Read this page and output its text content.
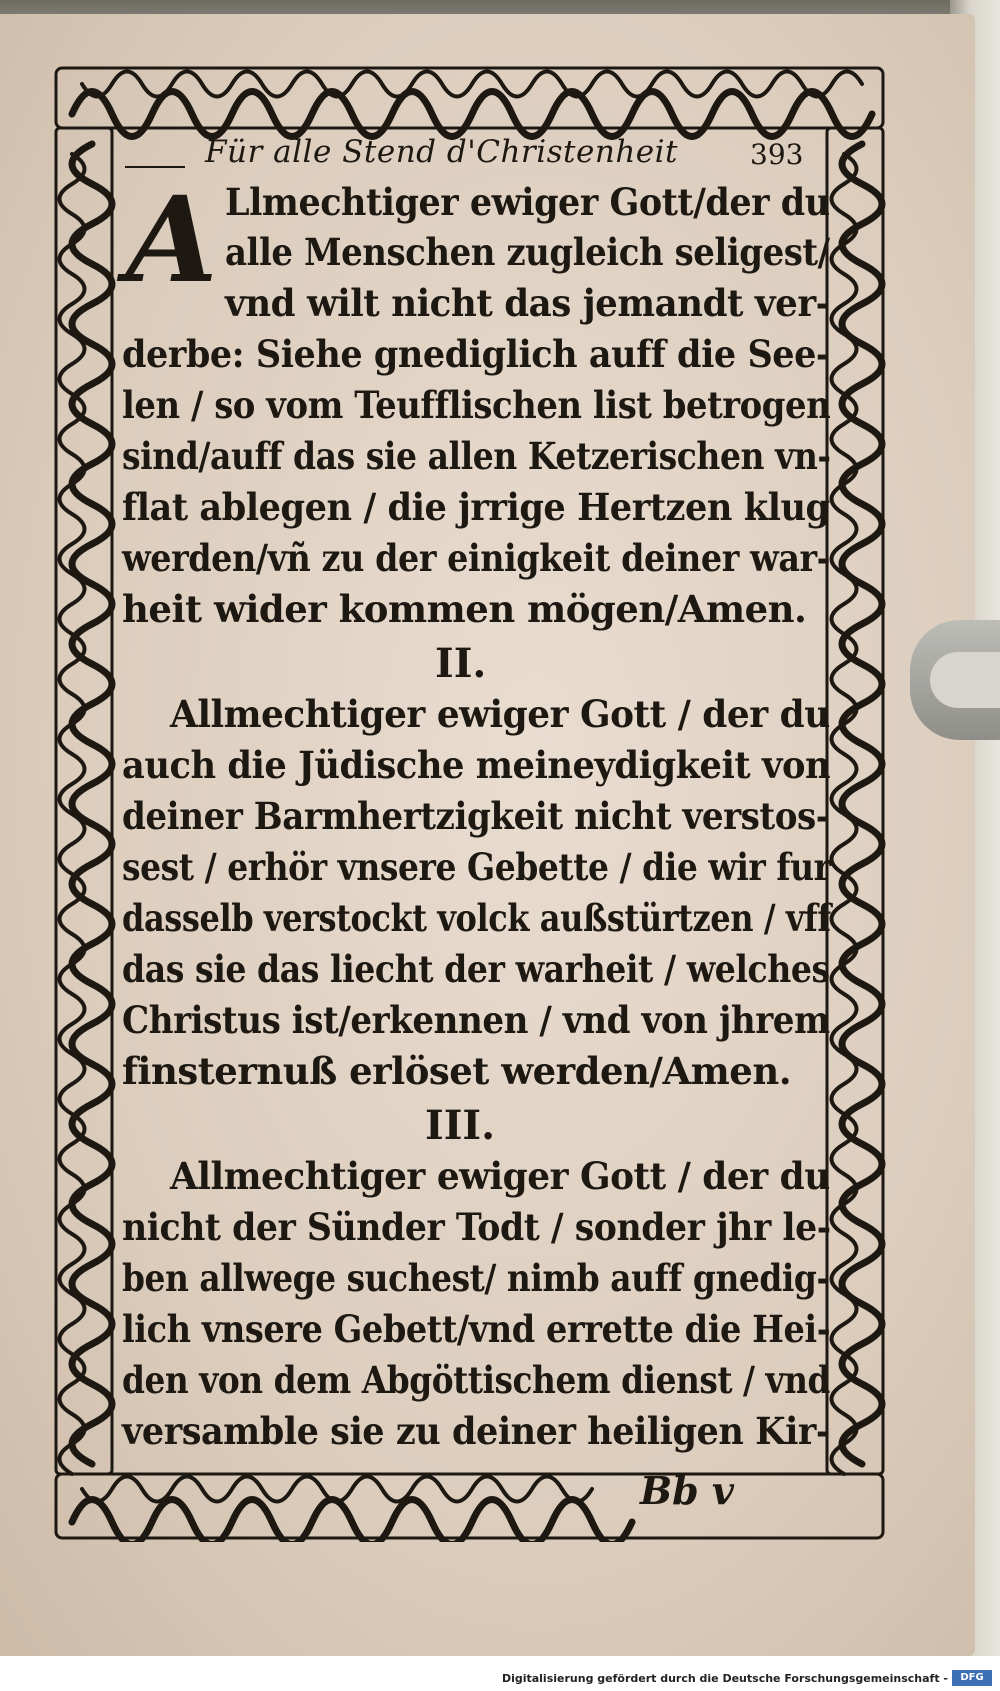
Für alle Stend d'Christenheit	393
A Llmechtiger ewiger Gott/der du
alle Menschen zugleich seligest/
vnd wilt nicht das jemandt ver-
derbe: Siehe gnediglich auff die See-
len / so vom Teufflischen list betrogen
sind/auff das sie allen Ketzerischen vn-
flat ablegen / die jrrige Hertzen klug
werden/vñ zu der einigkeit deiner war-
heit wider kommen mögen/Amen.
II.
Allmechtiger ewiger Gott / der du
auch die Jüdische meineydigkeit von
deiner Barmhertzigkeit nicht verstos-
sest / erhör vnsere Gebette / die wir fur
dasselb verstockt volck außstürtzen / vff
das sie das liecht der warheit / welches
Christus ist/erkennen / vnd von jhrem
finsternuß erlöset werden/Amen.
III.
Allmechtiger ewiger Gott / der du
nicht der Sünder Todt / sonder jhr le-
ben allwege suchest/ nimb auff gnedig-
lich vnsere Gebett/vnd errette die Hei-
den von dem Abgöttischem dienst / vnd
versamble sie zu deiner heiligen Kir-
Bb v
Digitalisierung gefördert durch die Deutsche Forschungsgemeinschaft -	DFG
